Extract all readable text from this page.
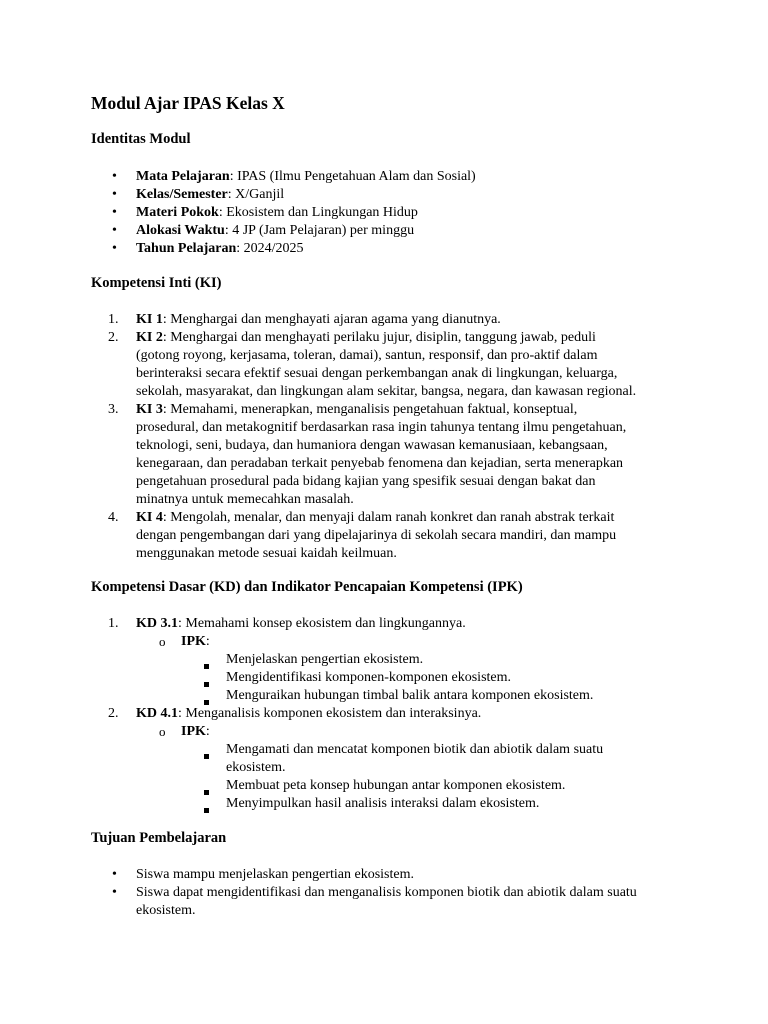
Modul Ajar IPAS Kelas X
Identitas Modul
• Mata Pelajaran: IPAS (Ilmu Pengetahuan Alam dan Sosial)
• Kelas/Semester: X/Ganjil
• Materi Pokok: Ekosistem dan Lingkungan Hidup
• Alokasi Waktu: 4 JP (Jam Pelajaran) per minggu
• Tahun Pelajaran: 2024/2025
Kompetensi Inti (KI)
1. KI 1: Menghargai dan menghayati ajaran agama yang dianutnya.
2. KI 2: Menghargai dan menghayati perilaku jujur, disiplin, tanggung jawab, peduli
(gotong royong, kerjasama, toleran, damai), santun, responsif, dan pro-aktif dalam
berinteraksi secara efektif sesuai dengan perkembangan anak di lingkungan, keluarga,
sekolah, masyarakat, dan lingkungan alam sekitar, bangsa, negara, dan kawasan regional.
3. KI 3: Memahami, menerapkan, menganalisis pengetahuan faktual, konseptual,
prosedural, dan metakognitif berdasarkan rasa ingin tahunya tentang ilmu pengetahuan,
teknologi, seni, budaya, dan humaniora dengan wawasan kemanusiaan, kebangsaan,
kenegaraan, dan peradaban terkait penyebab fenomena dan kejadian, serta menerapkan
pengetahuan prosedural pada bidang kajian yang spesifik sesuai dengan bakat dan
minatnya untuk memecahkan masalah.
4. KI 4: Mengolah, menalar, dan menyaji dalam ranah konkret dan ranah abstrak terkait
dengan pengembangan dari yang dipelajarinya di sekolah secara mandiri, dan mampu
menggunakan metode sesuai kaidah keilmuan.
Kompetensi Dasar (KD) dan Indikator Pencapaian Kompetensi (IPK)
1. KD 3.1: Memahami konsep ekosistem dan lingkungannya.
o IPK:
Menjelaskan pengertian ekosistem.
Mengidentifikasi komponen-komponen ekosistem.
Menguraikan hubungan timbal balik antara komponen ekosistem.
2. KD 4.1: Menganalisis komponen ekosistem dan interaksinya.
o IPK:
Mengamati dan mencatat komponen biotik dan abiotik dalam suatu
ekosistem.
Membuat peta konsep hubungan antar komponen ekosistem.
Menyimpulkan hasil analisis interaksi dalam ekosistem.
Tujuan Pembelajaran
• Siswa mampu menjelaskan pengertian ekosistem.
• Siswa dapat mengidentifikasi dan menganalisis komponen biotik dan abiotik dalam suatu
ekosistem.
